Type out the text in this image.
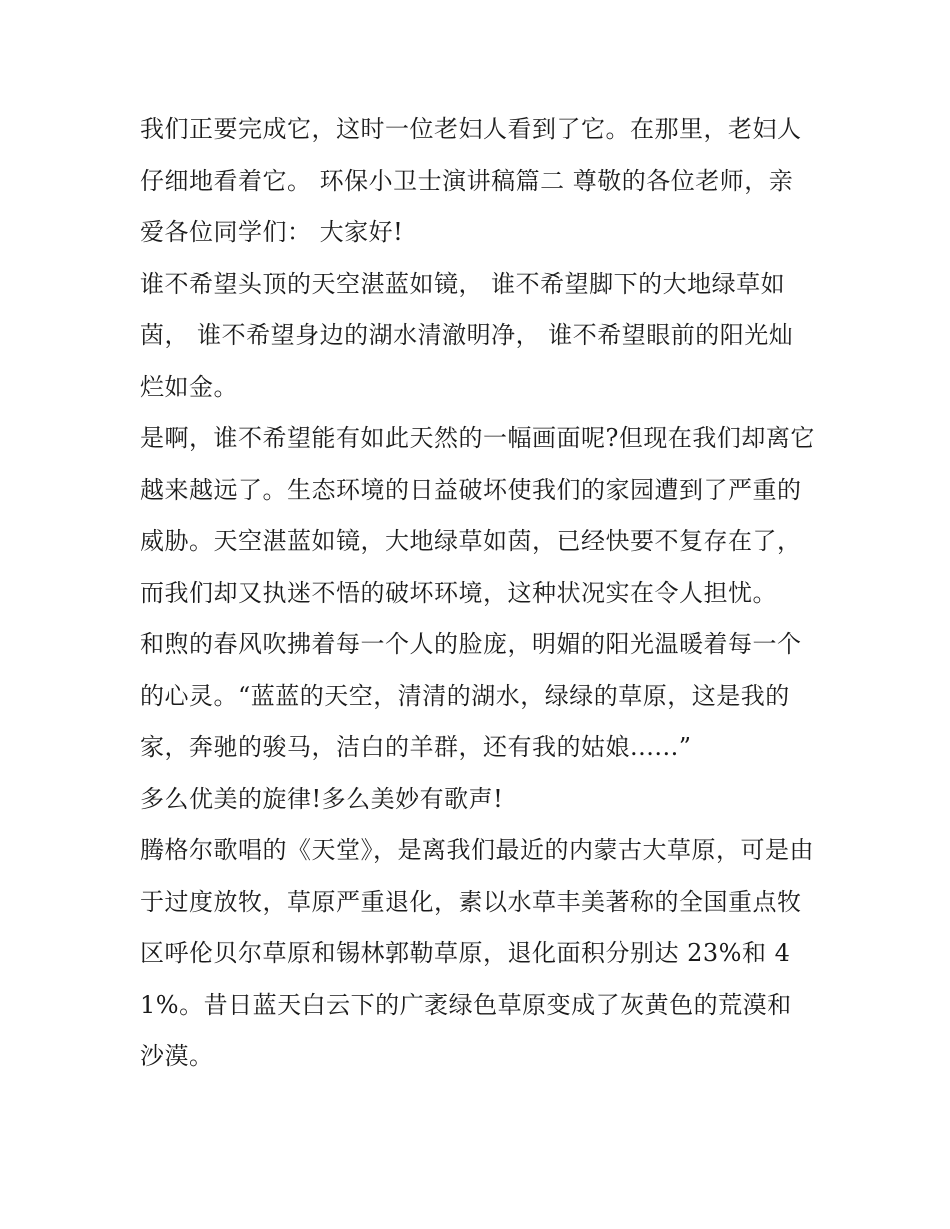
我们正要完成它，这时一位老妇人看到了它。在那里，老妇人仔细地看着它。 环保小卫士演讲稿篇二 尊敬的各位老师，亲爱各位同学们： 大家好!

谁不希望头顶的天空湛蓝如镜， 谁不希望脚下的大地绿草如茵， 谁不希望身边的湖水清澈明净， 谁不希望眼前的阳光灿烂如金。

是啊，谁不希望能有如此天然的一幅画面呢?但现在我们却离它越来越远了。生态环境的日益破坏使我们的家园遭到了严重的威胁。天空湛蓝如镜，大地绿草如茵，已经快要不复存在了，而我们却又执迷不悟的破坏环境，这种状况实在令人担忧。

和煦的春风吹拂着每一个人的脸庞，明媚的阳光温暖着每一个的心灵。“蓝蓝的天空，清清的湖水，绿绿的草原，这是我的家，奔驰的骏马，洁白的羊群，还有我的姑娘......”

多么优美的旋律!多么美妙有歌声!

腾格尔歌唱的《天堂》，是离我们最近的内蒙古大草原，可是由于过度放牧，草原严重退化，素以水草丰美著称的全国重点牧区呼伦贝尔草原和锡林郭勒草原，退化面积分别达 23%和 41%。昔日蓝天白云下的广袤绿色草原变成了灰黄色的荒漠和沙漠。
